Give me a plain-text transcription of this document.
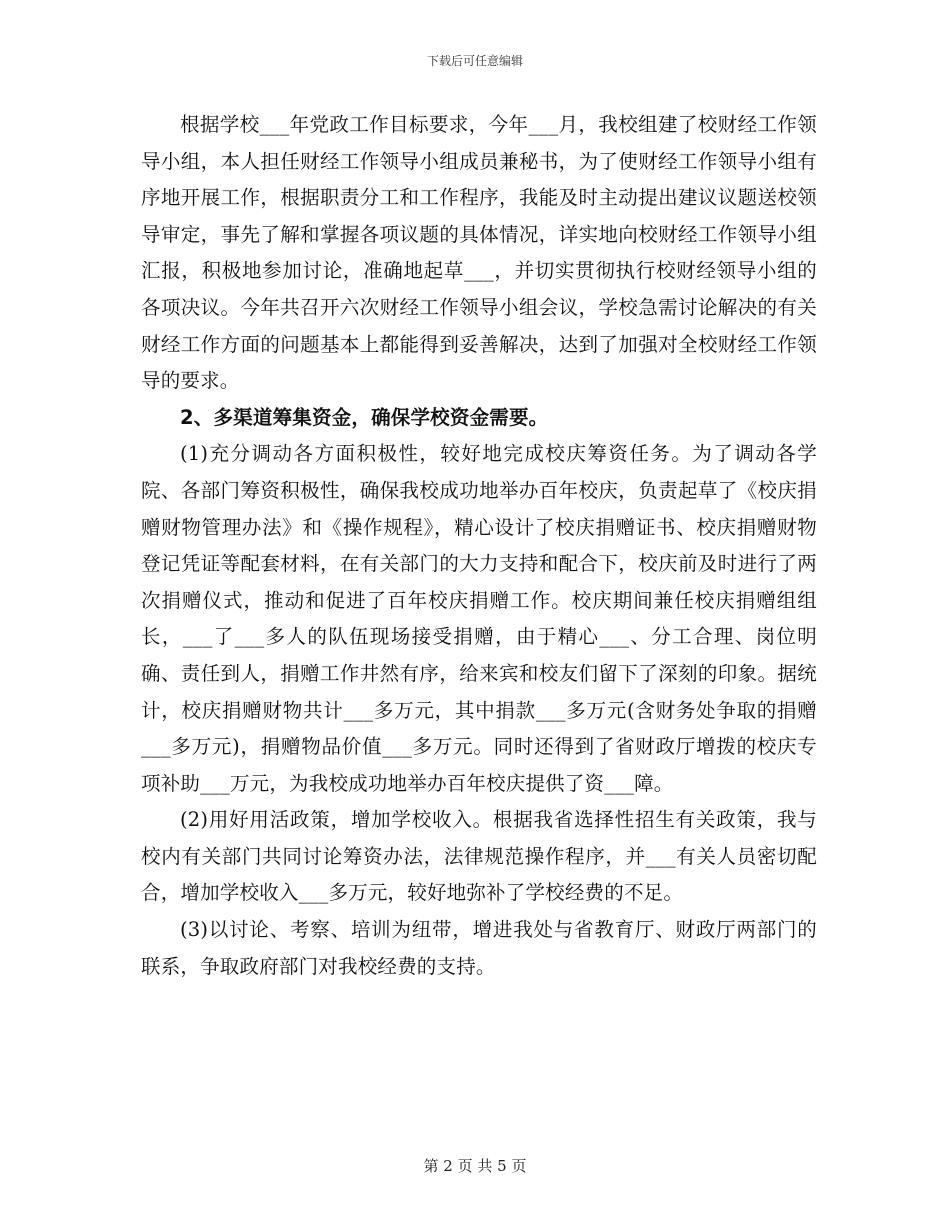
下载后可任意编辑

根据学校___年党政工作目标要求，今年___月，我校组建了校财经工作领导小组，本人担任财经工作领导小组成员兼秘书，为了使财经工作领导小组有序地开展工作，根据职责分工和工作程序，我能及时主动提出建议议题送校领导审定，事先了解和掌握各项议题的具体情况，详实地向校财经工作领导小组汇报，积极地参加讨论，准确地起草___，并切实贯彻执行校财经领导小组的各项决议。今年共召开六次财经工作领导小组会议，学校急需讨论解决的有关财经工作方面的问题基本上都能得到妥善解决，达到了加强对全校财经工作领导的要求。

2、多渠道筹集资金，确保学校资金需要。

(1)充分调动各方面积极性，较好地完成校庆筹资任务。为了调动各学院、各部门筹资积极性，确保我校成功地举办百年校庆，负责起草了《校庆捐赠财物管理办法》和《操作规程》，精心设计了校庆捐赠证书、校庆捐赠财物登记凭证等配套材料，在有关部门的大力支持和配合下，校庆前及时进行了两次捐赠仪式，推动和促进了百年校庆捐赠工作。校庆期间兼任校庆捐赠组组长，___了___多人的队伍现场接受捐赠，由于精心___、分工合理、岗位明确、责任到人，捐赠工作井然有序，给来宾和校友们留下了深刻的印象。据统计，校庆捐赠财物共计___多万元，其中捐款___多万元(含财务处争取的捐赠___多万元)，捐赠物品价值___多万元。同时还得到了省财政厅增拨的校庆专项补助___万元，为我校成功地举办百年校庆提供了资___障。

(2)用好用活政策，增加学校收入。根据我省选择性招生有关政策，我与校内有关部门共同讨论筹资办法，法律规范操作程序，并___有关人员密切配合，增加学校收入___多万元，较好地弥补了学校经费的不足。

(3)以讨论、考察、培训为纽带，增进我处与省教育厅、财政厅两部门的联系，争取政府部门对我校经费的支持。

第 2 页 共 5 页
